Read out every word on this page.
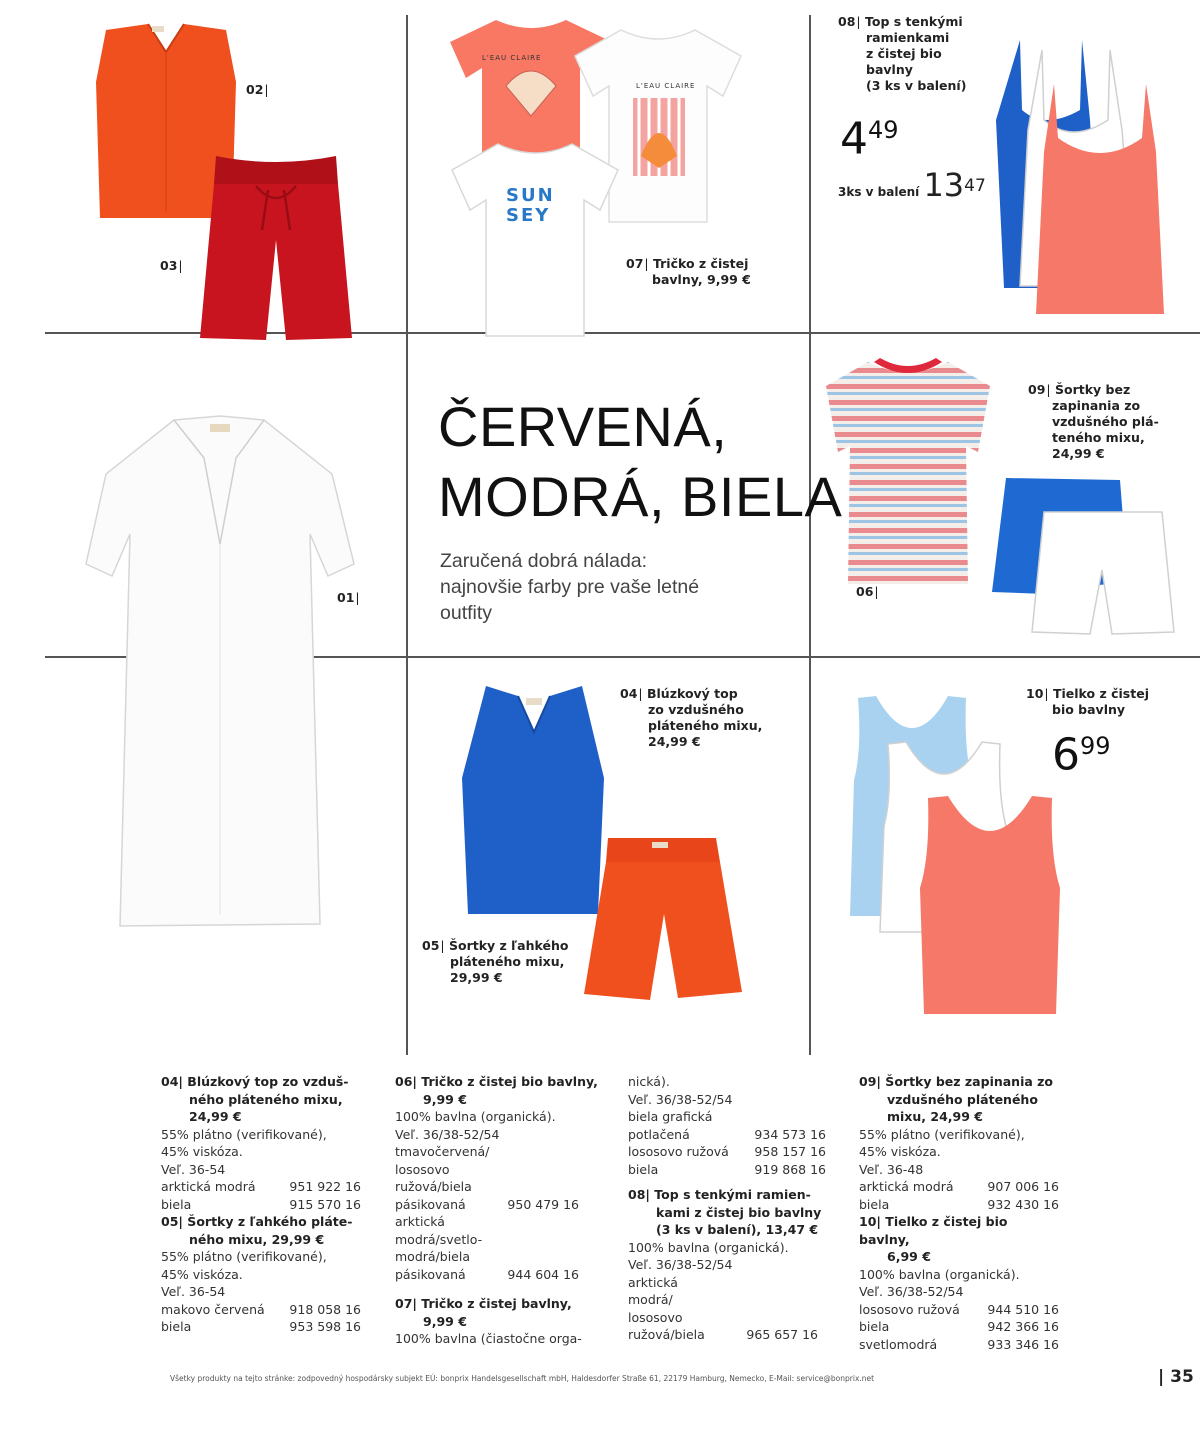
02 |
03 |
L'EAU CLAIRE
L'EAU CLAIRE
SUN SEY
07 | Tričko z čistej
bavlny, 9,99 €
08 | Top s tenkými
ramienkami
z čistej bio
bavlny
(3 ks v balení)
$4^{49}$
3ks v balení $13^{47}$
01 |
ČERVENÁ,
MODRÁ, BIELA
Zaručená dobrá nálada:
najnovšie farby pre vaše letné
outfity
06 |
09 | Šortky bez
zapinania zo
vzdušného plá-
teného mixu,
24,99 €
04 | Blúzkový top
zo vzdušného
pláteného mixu,
24,99 €
05 | Šortky z ľahkého
pláteného mixu,
29,99 €
10 | Tielko z čistej
bio bavlny
$6^{99}$
04| Blúzkový top zo vzduš-
ného pláteného mixu,
24,99 €
55% plátno (verifikované),
45% viskóza.
Veľ. 36-54
arktická modrá	951 922 16
biela	915 570 16
05| Šortky z ľahkého pláte-
ného mixu, 29,99 €
55% plátno (verifikované),
45% viskóza.
Veľ. 36-54
makovo červená 918 058 16
biela	953 598 16
06| Tričko z čistej bio bavlny,
9,99 €
100% bavlna (organická).
Veľ. 36/38-52/54
tmavočervená/
lososovo
ružová/biela
pásikovaná	950 479 16
arktická
modrá/svetlo-
modrá/biela
pásikovaná	944 604 16
07| Tričko z čistej bavlny,
9,99 €
100% bavlna (čiastočne orga-
nická).
Veľ. 36/38-52/54
biela grafická
potlačená	934 573 16
lososovo ružová 958 157 16
biela	919 868 16
08| Top s tenkými ramien-
kami z čistej bio bavlny
(3 ks v balení), 13,47 €
100% bavlna (organická).
Veľ. 36/38-52/54
arktická
modrá/
lososovo
ružová/biela	965 657 16
09| Šortky bez zapinania zo
vzdušného pláteného
mixu, 24,99 €
55% plátno (verifikované),
45% viskóza.
Veľ. 36-48
arktická modrá	907 006 16
biela	932 430 16
10| Tielko z čistej bio bavlny,
6,99 €
100% bavlna (organická).
Veľ. 36/38-52/54
lososovo ružová 944 510 16
biela	942 366 16
svetlomodrá	933 346 16
Všetky produkty na tejto stránke: zodpovedný hospodársky subjekt EÚ: bonprix Handelsgesellschaft mbH, Haldesdorfer Straße 61, 22179 Hamburg, Nemecko, E-Mail: service@bonprix.net	| 35
